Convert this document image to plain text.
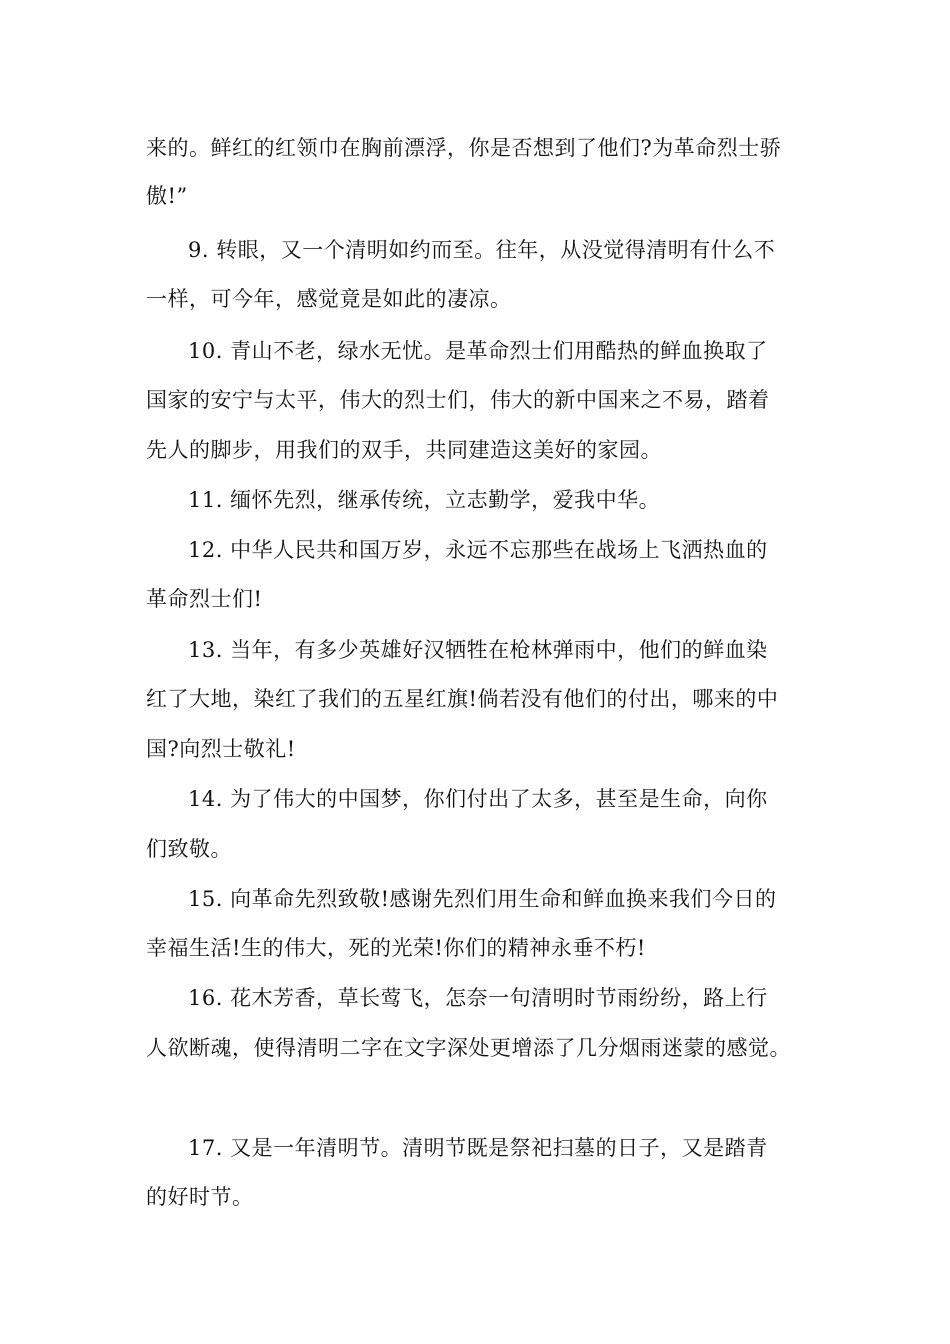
来的。鲜红的红领巾在胸前漂浮，你是否想到了他们?为革命烈士骄
傲!”
9. 转眼，又一个清明如约而至。往年，从没觉得清明有什么不
一样，可今年，感觉竟是如此的凄凉。
10. 青山不老，绿水无忧。是革命烈士们用酷热的鲜血换取了
国家的安宁与太平，伟大的烈士们，伟大的新中国来之不易，踏着
先人的脚步，用我们的双手，共同建造这美好的家园。
11. 缅怀先烈，继承传统，立志勤学，爱我中华。
12. 中华人民共和国万岁，永远不忘那些在战场上飞洒热血的
革命烈士们!
13. 当年，有多少英雄好汉牺牲在枪林弹雨中，他们的鲜血染
红了大地，染红了我们的五星红旗!倘若没有他们的付出，哪来的中
国?向烈士敬礼!
14. 为了伟大的中国梦，你们付出了太多，甚至是生命，向你
们致敬。
15. 向革命先烈致敬!感谢先烈们用生命和鲜血换来我们今日的
幸福生活!生的伟大，死的光荣!你们的精神永垂不朽!
16. 花木芳香，草长莺飞，怎奈一句清明时节雨纷纷，路上行
人欲断魂，使得清明二字在文字深处更增添了几分烟雨迷蒙的感觉。
17. 又是一年清明节。清明节既是祭祀扫墓的日子，又是踏青
的好时节。
